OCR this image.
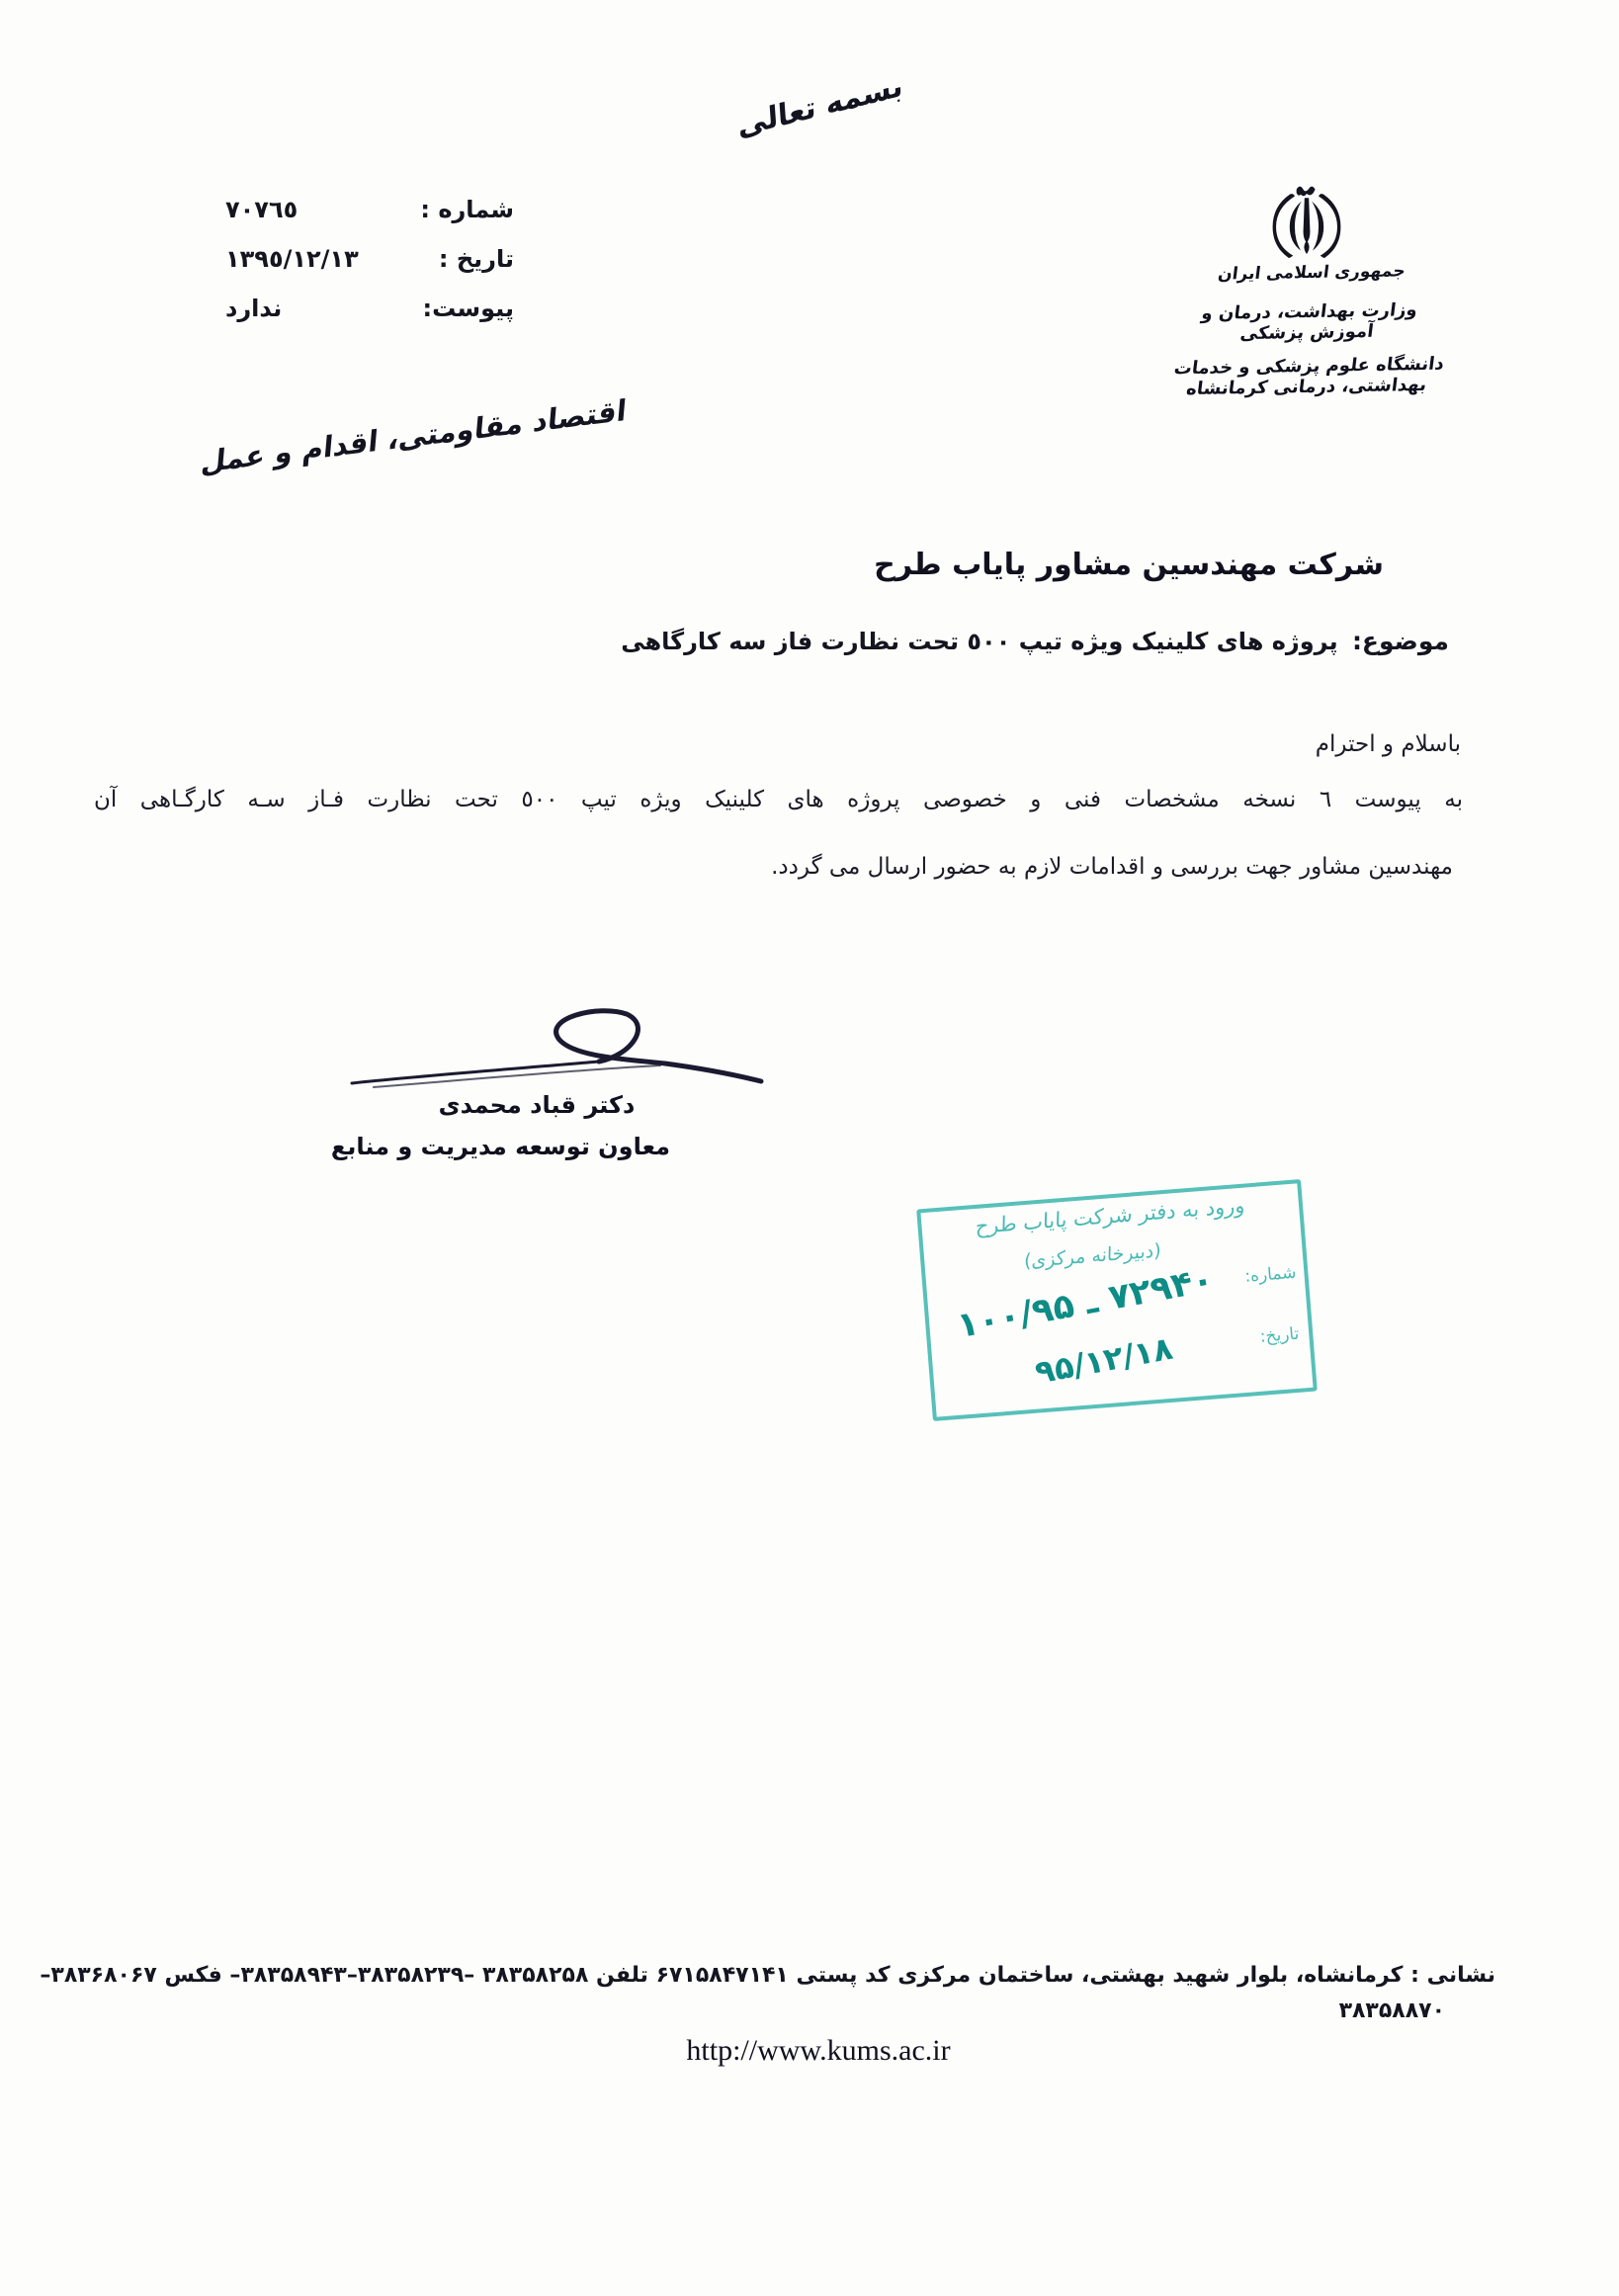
بسمه تعالی
شماره :
٧٠٧٦٥
تاریخ :
١٣٩٥/١٢/١٣
پیوست:
ندارد
جمهوری اسلامی ایران
وزارت بهداشت، درمان و آموزش پزشکی
دانشگاه علوم پزشکی و خدمات بهداشتی، درمانی کرمانشاه
اقتصاد مقاومتی، اقدام و عمل
شرکت مهندسین مشاور پایاب طرح
موضوع: پروژه های کلینیک ویژه تیپ ٥٠٠ تحت نظارت فاز سه کارگاهی
باسلام و احترام
به پیوست ٦ نسخه مشخصات فنی و خصوصی پروژه های کلینیک ویژه تیپ ٥٠٠ تحت نظارت فـاز سـه کارگـاهی آن
مهندسین مشاور جهت بررسی و اقدامات لازم به حضور ارسال می گردد.
دکتر قباد محمدی
معاون توسعه مدیریت و منابع
ورود به دفتر شرکت پایاب طرح
(دبیرخانه مرکزی)
شماره:
تاریخ:
۷۲۹۴۰ ـ ۱۰۰/۹۵
۹۵/۱۲/۱۸
نشانی : کرمانشاه، بلوار شهید بهشتی، ساختمان مرکزی کد پستی ۶۷۱۵۸۴۷۱۴۱ تلفن ۳۸۳۵۸۲۵۸ –۳۸۳۵۸۲۳۹–۳۸۳۵۸۹۴۳– فکس ۳۸۳۶۸۰۶۷–
۳۸۳۵۸۸۷۰
http://www.kums.ac.ir
